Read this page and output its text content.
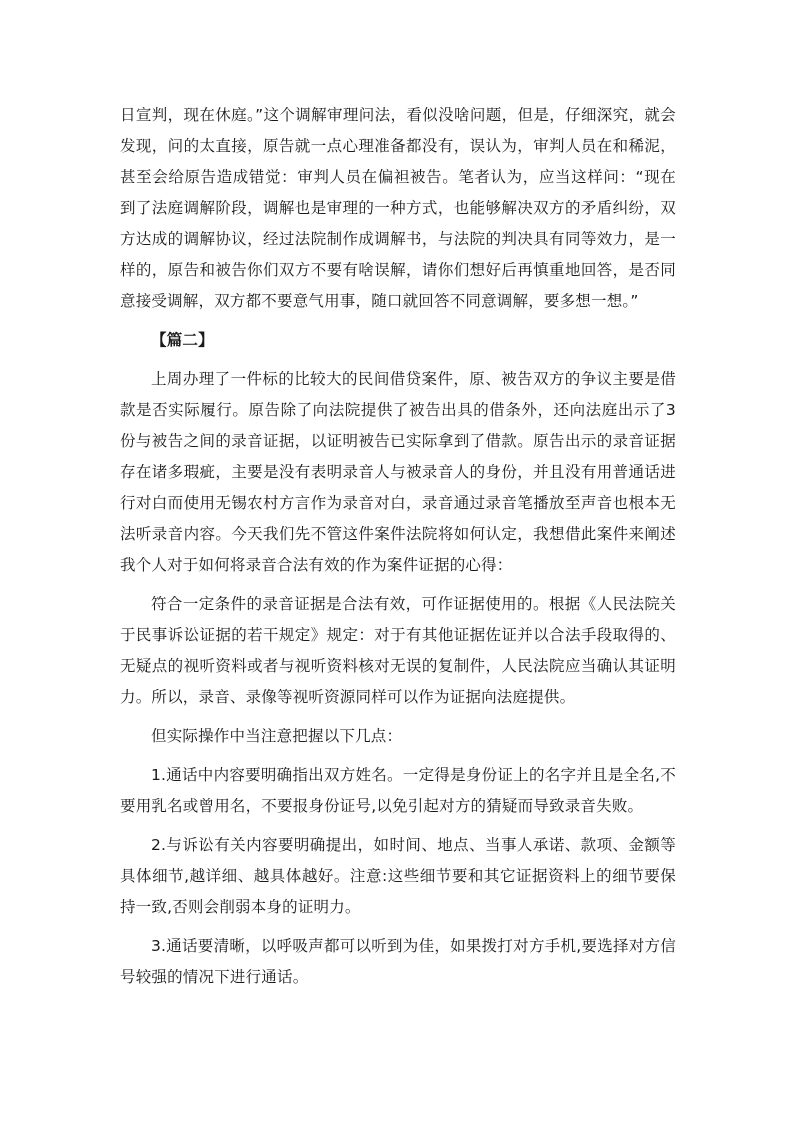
日宣判，现在休庭。”这个调解审理问法，看似没啥问题，但是，仔细深究，就会发现，问的太直接，原告就一点心理准备都没有，误认为，审判人员在和稀泥，甚至会给原告造成错觉：审判人员在偏袒被告。笔者认为，应当这样问：“现在到了法庭调解阶段，调解也是审理的一种方式，也能够解决双方的矛盾纠纷，双方达成的调解协议，经过法院制作成调解书，与法院的判决具有同等效力，是一样的，原告和被告你们双方不要有啥误解，请你们想好后再慎重地回答，是否同意接受调解，双方都不要意气用事，随口就回答不同意调解，要多想一想。”

【篇二】

上周办理了一件标的比较大的民间借贷案件，原、被告双方的争议主要是借款是否实际履行。原告除了向法院提供了被告出具的借条外，还向法庭出示了3份与被告之间的录音证据，以证明被告已实际拿到了借款。原告出示的录音证据存在诸多瑕疵，主要是没有表明录音人与被录音人的身份，并且没有用普通话进行对白而使用无锡农村方言作为录音对白，录音通过录音笔播放至声音也根本无法听录音内容。今天我们先不管这件案件法院将如何认定，我想借此案件来阐述我个人对于如何将录音合法有效的作为案件证据的心得：

符合一定条件的录音证据是合法有效，可作证据使用的。根据《人民法院关于民事诉讼证据的若干规定》规定：对于有其他证据佐证并以合法手段取得的、无疑点的视听资料或者与视听资料核对无误的复制件，人民法院应当确认其证明力。所以，录音、录像等视听资源同样可以作为证据向法庭提供。

但实际操作中当注意把握以下几点：

1.通话中内容要明确指出双方姓名。一定得是身份证上的名字并且是全名,不要用乳名或曾用名，不要报身份证号,以免引起对方的猜疑而导致录音失败。

2.与诉讼有关内容要明确提出，如时间、地点、当事人承诺、款项、金额等具体细节,越详细、越具体越好。注意:这些细节要和其它证据资料上的细节要保持一致,否则会削弱本身的证明力。

3.通话要清晰，以呼吸声都可以听到为佳，如果拨打对方手机,要选择对方信号较强的情况下进行通话。
